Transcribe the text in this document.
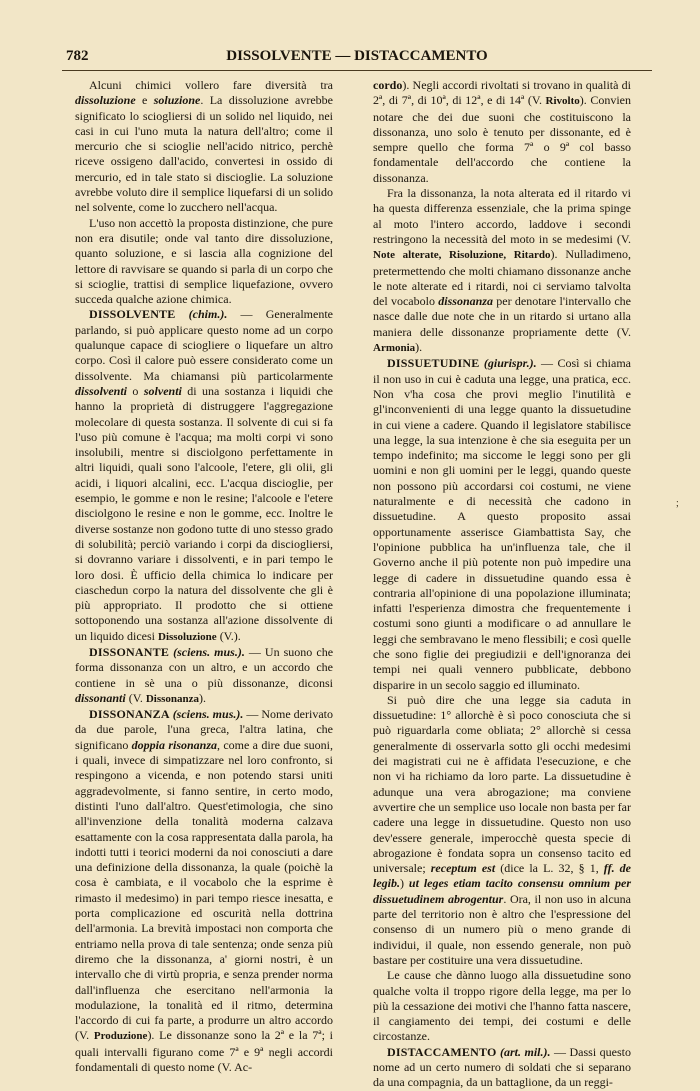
782	DISSOLVENTE — DISTACCAMENTO

Alcuni chimici vollero fare diversità tra dissoluzione e soluzione. La dissoluzione avrebbe significato lo sciogliersi di un solido nel liquido, nei casi in cui l'uno muta la natura dell'altro; come il mercurio che si scioglie nell'acido nitrico, perchè riceve ossigeno dall'acido, convertesi in ossido di mercurio, ed in tale stato si discioglie. La soluzione avrebbe voluto dire il semplice liquefarsi di un solido nel solvente, come lo zucchero nell'acqua.

L'uso non accettò la proposta distinzione, che pure non era disutile; onde val tanto dire dissoluzione, quanto soluzione, e si lascia alla cognizione del lettore di ravvisare se quando si parla di un corpo che si scioglie, trattisi di semplice liquefazione, ovvero succeda qualche azione chimica.

DISSOLVENTE (chim.). — Generalmente parlando, si può applicare questo nome ad un corpo qualunque capace di sciogliere o liquefare un altro corpo. Così il calore può essere considerato come un dissolvente. Ma chiamansi più particolarmente dissolventi o solventi di una sostanza i liquidi che hanno la proprietà di distruggere l'aggregazione molecolare di questa sostanza. Il solvente di cui si fa l'uso più comune è l'acqua; ma molti corpi vi sono insolubili, mentre si disciolgono perfettamente in altri liquidi, quali sono l'alcoole, l'etere, gli olii, gli acidi, i liquori alcalini, ecc. L'acqua discioglie, per esempio, le gomme e non le resine; l'alcoole e l'etere disciolgono le resine e non le gomme, ecc. Inoltre le diverse sostanze non godono tutte di uno stesso grado di solubilità; perciò variando i corpi da disciogliersi, si dovranno variare i dissolventi, e in pari tempo le loro dosi. È ufficio della chimica lo indicare per ciaschedun corpo la natura del dissolvente che gli è più appropriato. Il prodotto che si ottiene sottoponendo una sostanza all'azione dissolvente di un liquido dicesi Dissoluzione (V.).

DISSONANTE (sciens. mus.). — Un suono che forma dissonanza con un altro, e un accordo che contiene in sè una o più dissonanze, diconsi dissonanti (V. Dissonanza).

DISSONANZA (sciens. mus.). — Nome derivato da due parole, l'una greca, l'altra latina, che significano doppia risonanza, come a dire due suoni, i quali, invece di simpatizzare nel loro confronto, si respingono a vicenda, e non potendo starsi uniti aggradevolmente, si fanno sentire, in certo modo, distinti l'uno dall'altro. Quest'etimologia, che sino all'invenzione della tonalità moderna calzava esattamente con la cosa rappresentata dalla parola, ha indotti tutti i teorici moderni da noi conosciuti a dare una definizione della dissonanza, la quale (poichè la cosa è cambiata, e il vocabolo che la esprime è rimasto il medesimo) in pari tempo riesce inesatta, e porta complicazione ed oscurità nella dottrina dell'armonia. La brevità impostaci non comporta che entriamo nella prova di tale sentenza; onde senza più diremo che la dissonanza, a' giorni nostri, è un intervallo che di virtù propria, e senza prender norma dall'influenza che esercitano nell'armonia la modulazione, la tonalità ed il ritmo, determina l'accordo di cui fa parte, a produrre un altro accordo (V. Produzione). Le dissonanze sono la 2ª e la 7ª; i quali intervalli figurano come 7ª e 9ª negli accordi fondamentali di questo nome (V. Ac-

cordo). Negli accordi rivoltati si trovano in qualità di 2ª, di 7ª, di 10ª, di 12ª, e di 14ª (V. Rivolto). Convien notare che dei due suoni che costituiscono la dissonanza, uno solo è tenuto per dissonante, ed è sempre quello che forma 7ª o 9ª col basso fondamentale dell'accordo che contiene la dissonanza.

Fra la dissonanza, la nota alterata ed il ritardo vi ha questa differenza essenziale, che la prima spinge al moto l'intero accordo, laddove i secondi restringono la necessità del moto in se medesimi (V. Note alterate, Risoluzione, Ritardo). Nulladimeno, pretermettendo che molti chiamano dissonanze anche le note alterate ed i ritardi, noi ci serviamo talvolta del vocabolo dissonanza per denotare l'intervallo che nasce dalle due note che in un ritardo si urtano alla maniera delle dissonanze propriamente dette (V. Armonia).

DISSUETUDINE (giurispr.). — Così si chiama il non uso in cui è caduta una legge, una pratica, ecc. Non v'ha cosa che provi meglio l'inutilità e gl'inconvenienti di una legge quanto la dissuetudine in cui viene a cadere. Quando il legislatore stabilisce una legge, la sua intenzione è che sia eseguita per un tempo indefinito; ma siccome le leggi sono per gli uomini e non gli uomini per le leggi, quando queste non possono più accordarsi coi costumi, ne viene naturalmente e di necessità che cadono in dissuetudine. A questo proposito assai opportunamente asserisce Giambattista Say, che l'opinione pubblica ha un'influenza tale, che il Governo anche il più potente non può impedire una legge di cadere in dissuetudine quando essa è contraria all'opinione di una popolazione illuminata; infatti l'esperienza dimostra che frequentemente i costumi sono giunti a modificare o ad annullare le leggi che sembravano le meno flessibili; e così quelle che sono figlie dei pregiudizii e dell'ignoranza dei tempi nei quali vennero pubblicate, debbono disparire in un secolo saggio ed illuminato.

Si può dire che una legge sia caduta in dissuetudine: 1° allorchè è sì poco conosciuta che si può riguardarla come obliata; 2° allorchè si cessa generalmente di osservarla sotto gli occhi medesimi dei magistrati cui ne è affidata l'esecuzione, e che non vi ha richiamo da loro parte. La dissuetudine è adunque una vera abrogazione; ma conviene avvertire che un semplice uso locale non basta per far cadere una legge in dissuetudine. Questo non uso dev'essere generale, imperocchè questa specie di abrogazione è fondata sopra un consenso tacito ed universale; receptum est (dice la L. 32, § 1, ff. de legib.) ut leges etiam tacito consensu omnium per dissuetudinem abrogentur. Ora, il non uso in alcuna parte del territorio non è altro che l'espressione del consenso di un numero più o meno grande di individui, il quale, non essendo generale, non può bastare per costituire una vera dissuetudine.

Le cause che dànno luogo alla dissuetudine sono qualche volta il troppo rigore della legge, ma per lo più la cessazione dei motivi che l'hanno fatta nascere, il cangiamento dei tempi, dei costumi e delle circostanze.

DISTACCAMENTO (art. mil.). — Dassi questo nome ad un certo numero di soldati che si separano da una compagnia, da un battaglione, da un reggi-

;
